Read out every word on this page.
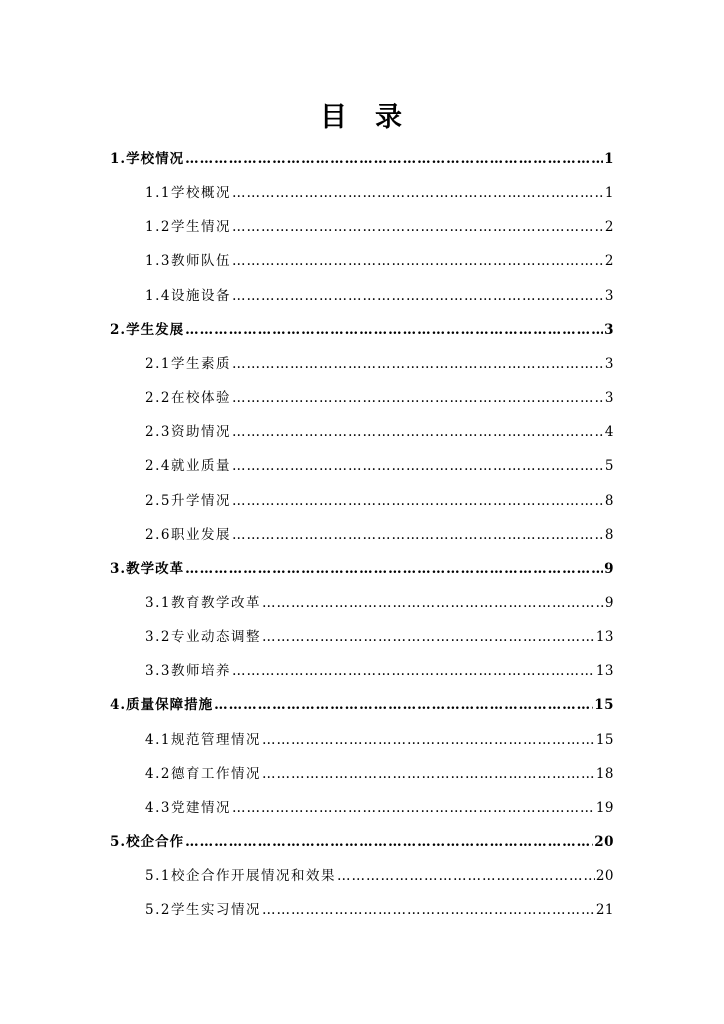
目 录
1.学校情况 …………………………………………………………………………………………………………………………………………………………………………………………	1
1.1学校概况 …………………………………………………………………………………………………………………………………………………………………………………………	1
1.2学生情况 …………………………………………………………………………………………………………………………………………………………………………………………	2
1.3教师队伍 …………………………………………………………………………………………………………………………………………………………………………………………	2
1.4设施设备 …………………………………………………………………………………………………………………………………………………………………………………………	3
2.学生发展 …………………………………………………………………………………………………………………………………………………………………………………………	3
2.1学生素质 …………………………………………………………………………………………………………………………………………………………………………………………	3
2.2在校体验 …………………………………………………………………………………………………………………………………………………………………………………………	3
2.3资助情况 …………………………………………………………………………………………………………………………………………………………………………………………	4
2.4就业质量 …………………………………………………………………………………………………………………………………………………………………………………………	5
2.5升学情况 …………………………………………………………………………………………………………………………………………………………………………………………	8
2.6职业发展 …………………………………………………………………………………………………………………………………………………………………………………………	8
3.教学改革 …………………………………………………………………………………………………………………………………………………………………………………………	9
3.1教育教学改革 …………………………………………………………………………………………………………………………………………………………………………………………	9
3.2专业动态调整 …………………………………………………………………………………………………………………………………………………………………………………………	13
3.3教师培养 …………………………………………………………………………………………………………………………………………………………………………………………	13
4.质量保障措施 …………………………………………………………………………………………………………………………………………………………………………………………	15
4.1规范管理情况 …………………………………………………………………………………………………………………………………………………………………………………………	15
4.2德育工作情况 …………………………………………………………………………………………………………………………………………………………………………………………	18
4.3党建情况 …………………………………………………………………………………………………………………………………………………………………………………………	19
5.校企合作 …………………………………………………………………………………………………………………………………………………………………………………………	20
5.1校企合作开展情况和效果 …………………………………………………………………………………………………………………………………………………………………………………………	20
5.2学生实习情况 …………………………………………………………………………………………………………………………………………………………………………………………	21
